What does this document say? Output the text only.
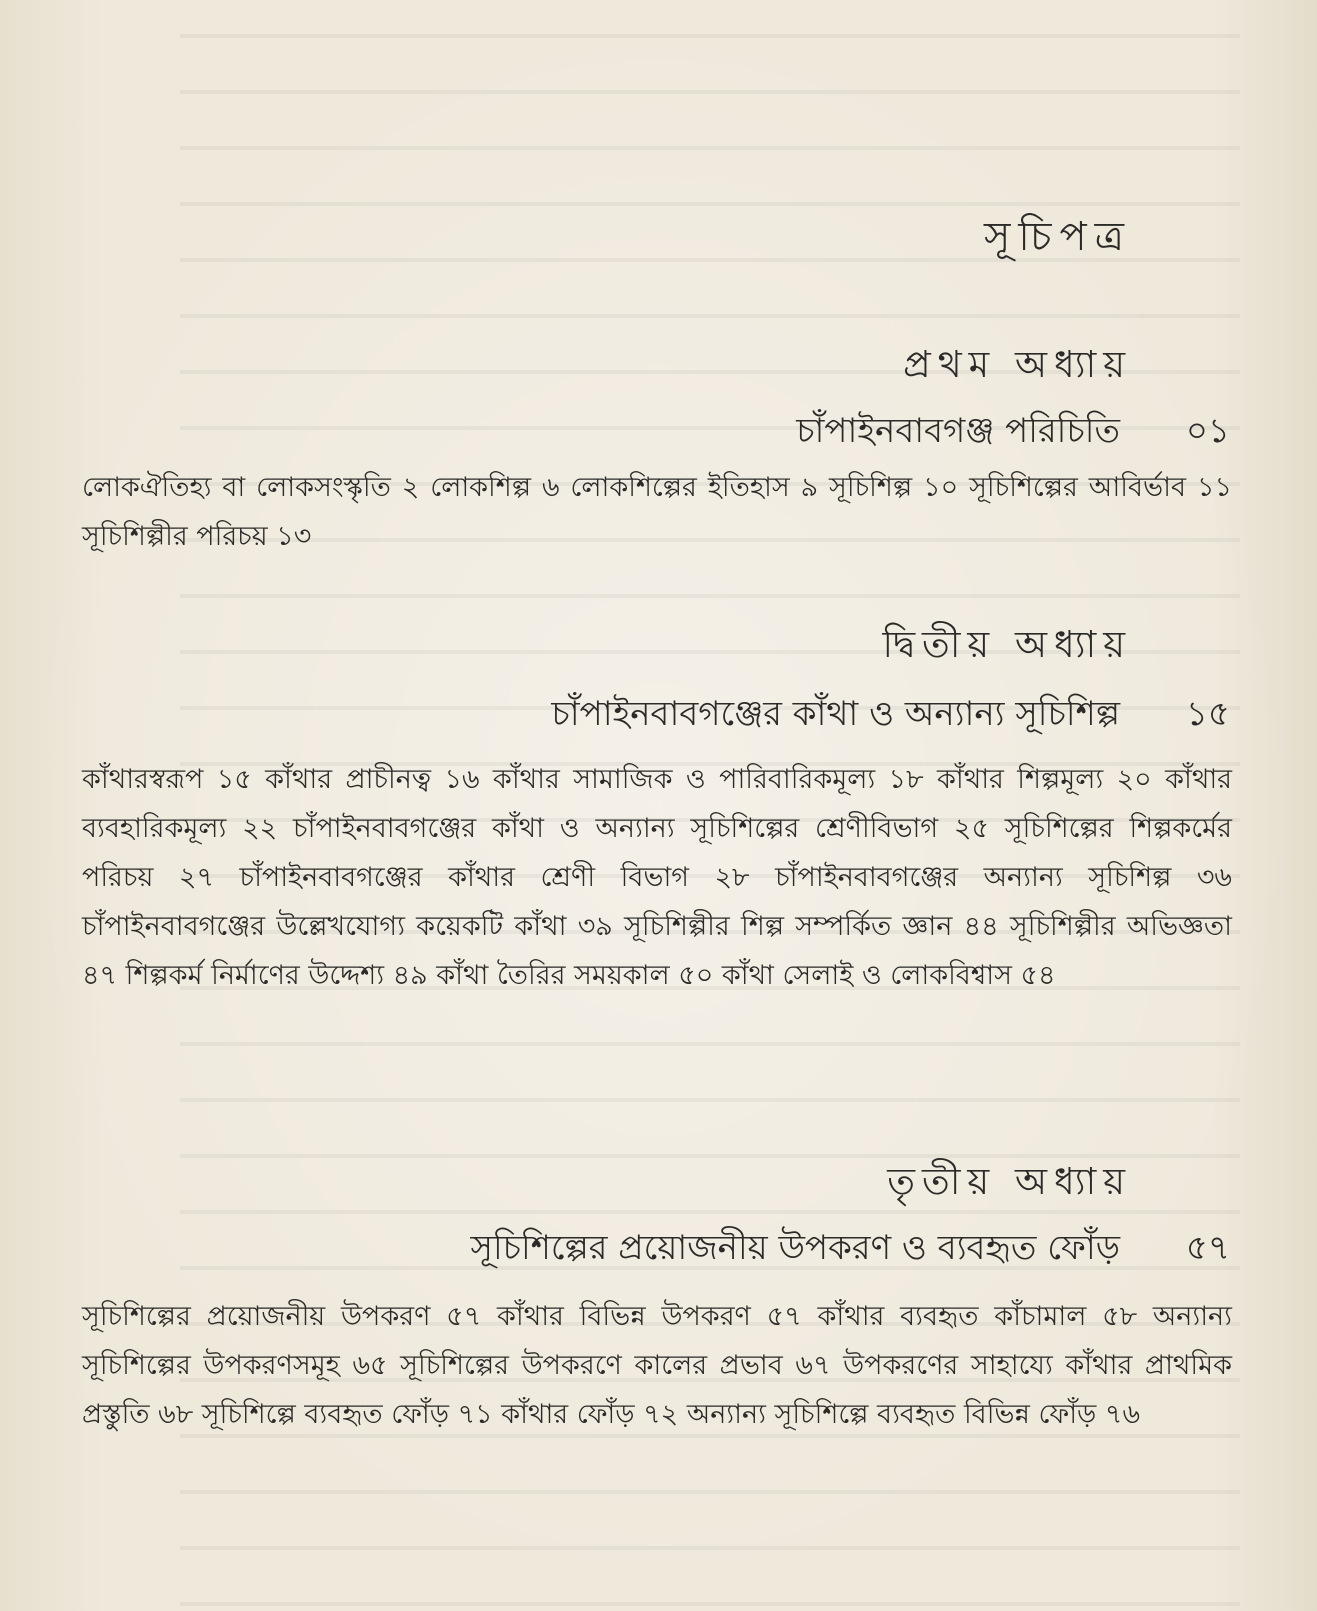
সূচিপত্র
প্রথম অধ্যায়
চাঁপাইনবাবগঞ্জ পরিচিতি ০১
লোকঐতিহ্য বা লোকসংস্কৃতি ২ লোকশিল্প ৬ লোকশিল্পের ইতিহাস ৯ সূচিশিল্প ১০ সূচিশিল্পের আবির্ভাব ১১ সূচিশিল্পীর পরিচয় ১৩
দ্বিতীয় অধ্যায়
চাঁপাইনবাবগঞ্জের কাঁথা ও অন্যান্য সূচিশিল্প ১৫
কাঁথারস্বরূপ ১৫ কাঁথার প্রাচীনত্ব ১৬ কাঁথার সামাজিক ও পারিবারিকমূল্য ১৮ কাঁথার শিল্পমূল্য ২০ কাঁথার ব্যবহারিকমূল্য ২২ চাঁপাইনবাবগঞ্জের কাঁথা ও অন্যান্য সূচিশিল্পের শ্রেণীবিভাগ ২৫ সূচিশিল্পের শিল্পকর্মের পরিচয় ২৭ চাঁপাইনবাবগঞ্জের কাঁথার শ্রেণী বিভাগ ২৮ চাঁপাইনবাবগঞ্জের অন্যান্য সূচিশিল্প ৩৬ চাঁপাইনবাবগঞ্জের উল্লেখযোগ্য কয়েকটি কাঁথা ৩৯ সূচিশিল্পীর শিল্প সম্পর্কিত জ্ঞান ৪৪ সূচিশিল্পীর অভিজ্ঞতা ৪৭ শিল্পকর্ম নির্মাণের উদ্দেশ্য ৪৯ কাঁথা তৈরির সময়কাল ৫০ কাঁথা সেলাই ও লোকবিশ্বাস ৫৪
তৃতীয় অধ্যায়
সূচিশিল্পের প্রয়োজনীয় উপকরণ ও ব্যবহৃত ফোঁড় ৫৭
সূচিশিল্পের প্রয়োজনীয় উপকরণ ৫৭ কাঁথার বিভিন্ন উপকরণ ৫৭ কাঁথার ব্যবহৃত কাঁচামাল ৫৮ অন্যান্য সূচিশিল্পের উপকরণসমূহ ৬৫ সূচিশিল্পের উপকরণে কালের প্রভাব ৬৭ উপকরণের সাহায্যে কাঁথার প্রাথমিক প্রস্তুতি ৬৮ সূচিশিল্পে ব্যবহৃত ফোঁড় ৭১ কাঁথার ফোঁড় ৭২ অন্যান্য সূচিশিল্পে ব্যবহৃত বিভিন্ন ফোঁড় ৭৬
